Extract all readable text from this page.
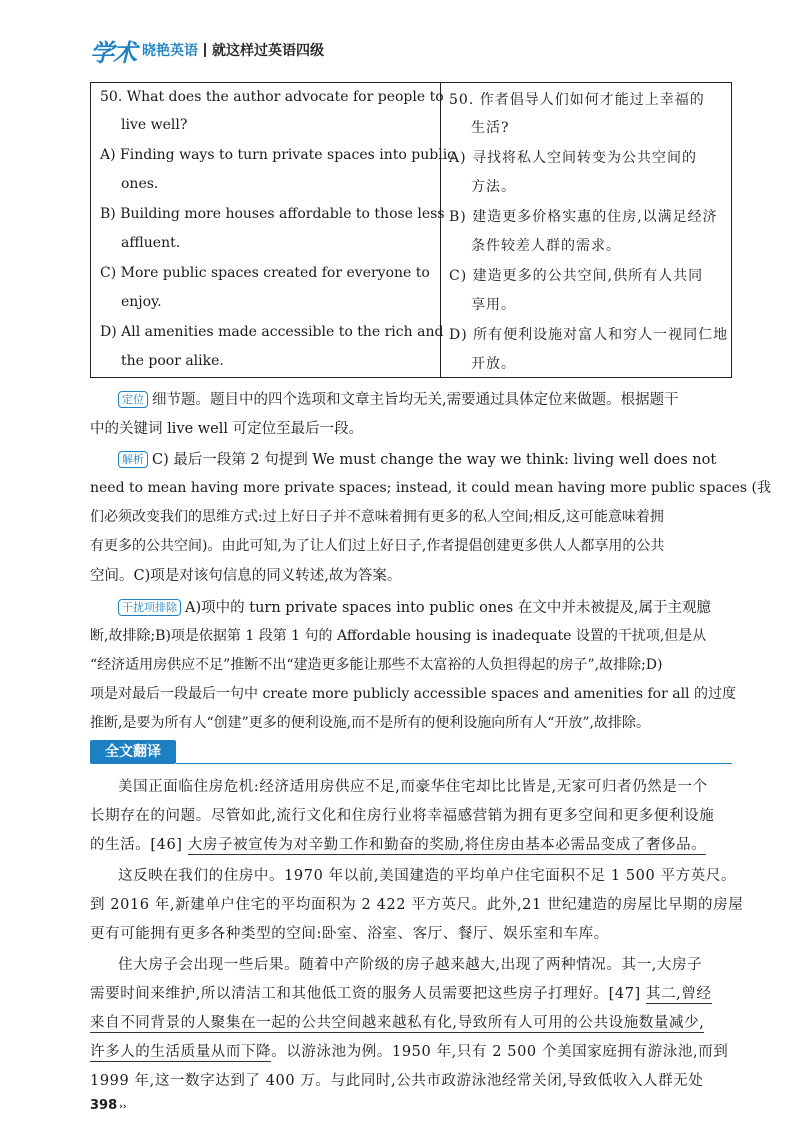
学术 晓艳英语 就这样过英语四级
50. What does the author advocate for people to
live well?
A) Finding ways to turn private spaces into public
ones.
B) Building more houses affordable to those less
affluent.
C) More public spaces created for everyone to
enjoy.
D) All amenities made accessible to the rich and
the poor alike.
50. 作者倡导人们如何才能过上幸福的
生活?
A) 寻找将私人空间转变为公共空间的
方法。
B) 建造更多价格实惠的住房,以满足经济
条件较差人群的需求。
C) 建造更多的公共空间,供所有人共同
享用。
D) 所有便利设施对富人和穷人一视同仁地
开放。
定位 细节题。题目中的四个选项和文章主旨均无关,需要通过具体定位来做题。根据题干
中的关键词 live well 可定位至最后一段。
解析 C) 最后一段第 2 句提到 We must change the way we think: living well does not
need to mean having more private spaces; instead, it could mean having more public spaces (我
们必须改变我们的思维方式:过上好日子并不意味着拥有更多的私人空间;相反,这可能意味着拥
有更多的公共空间)。由此可知,为了让人们过上好日子,作者提倡创建更多供人人都享用的公共
空间。C)项是对该句信息的同义转述,故为答案。
干扰项排除 A)项中的 turn private spaces into public ones 在文中并未被提及,属于主观臆
断,故排除;B)项是依据第 1 段第 1 句的 Affordable housing is inadequate 设置的干扰项,但是从
“经济适用房供应不足”推断不出“建造更多能让那些不太富裕的人负担得起的房子”,故排除;D)
项是对最后一段最后一句中 create more publicly accessible spaces and amenities for all 的过度
推断,是要为所有人“创建”更多的便利设施,而不是所有的便利设施向所有人“开放”,故排除。
全文翻译
美国正面临住房危机:经济适用房供应不足,而豪华住宅却比比皆是,无家可归者仍然是一个
长期存在的问题。尽管如此,流行文化和住房行业将幸福感营销为拥有更多空间和更多便利设施
的生活。[46] 大房子被宣传为对辛勤工作和勤奋的奖励,将住房由基本必需品变成了奢侈品。
这反映在我们的住房中。1970 年以前,美国建造的平均单户住宅面积不足 1 500 平方英尺。
到 2016 年,新建单户住宅的平均面积为 2 422 平方英尺。此外,21 世纪建造的房屋比早期的房屋
更有可能拥有更多各种类型的空间:卧室、浴室、客厅、餐厅、娱乐室和车库。
住大房子会出现一些后果。随着中产阶级的房子越来越大,出现了两种情况。其一,大房子
需要时间来维护,所以清洁工和其他低工资的服务人员需要把这些房子打理好。[47] 其二,曾经
来自不同背景的人聚集在一起的公共空间越来越私有化,导致所有人可用的公共设施数量减少,
许多人的生活质量从而下降。以游泳池为例。1950 年,只有 2 500 个美国家庭拥有游泳池,而到
1999 年,这一数字达到了 400 万。与此同时,公共市政游泳池经常关闭,导致低收入人群无处
398 ››
